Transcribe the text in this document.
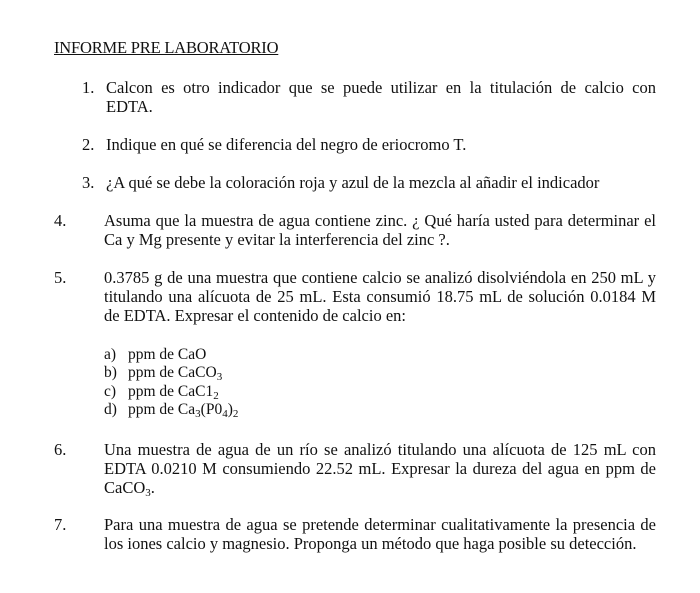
INFORME PRE LABORATORIO
1. Calcon es otro indicador que se puede utilizar en la titulación de calcio con
EDTA.
2. Indique en qué se diferencia del negro de eriocromo T.
3. ¿A qué se debe la coloración roja y azul de la mezcla al añadir el indicador
4. Asuma que la muestra de agua contiene zinc. ¿ Qué haría usted para determinar el
Ca y Mg presente y evitar la interferencia del zinc ?.
5. 0.3785 g de una muestra que contiene calcio se analizó disolviéndola en 250 mL y
titulando una alícuota de 25 mL. Esta consumió 18.75 mL de solución 0.0184 M
de EDTA. Expresar el contenido de calcio en:
a) ppm de CaO
b) ppm de CaCO$_3$
c) ppm de $CaC1_2$
d) ppm de $Ca_3(P0_4)_2$
6. Una muestra de agua de un río se analizó titulando una alícuota de 125 mL con
EDTA 0.0210 M consumiendo 22.52 mL. Expresar la dureza del agua en ppm de
CaCO$_3$.
7. Para una muestra de agua se pretende determinar cualitativamente la presencia de
los iones calcio y magnesio. Proponga un método que haga posible su detección.
